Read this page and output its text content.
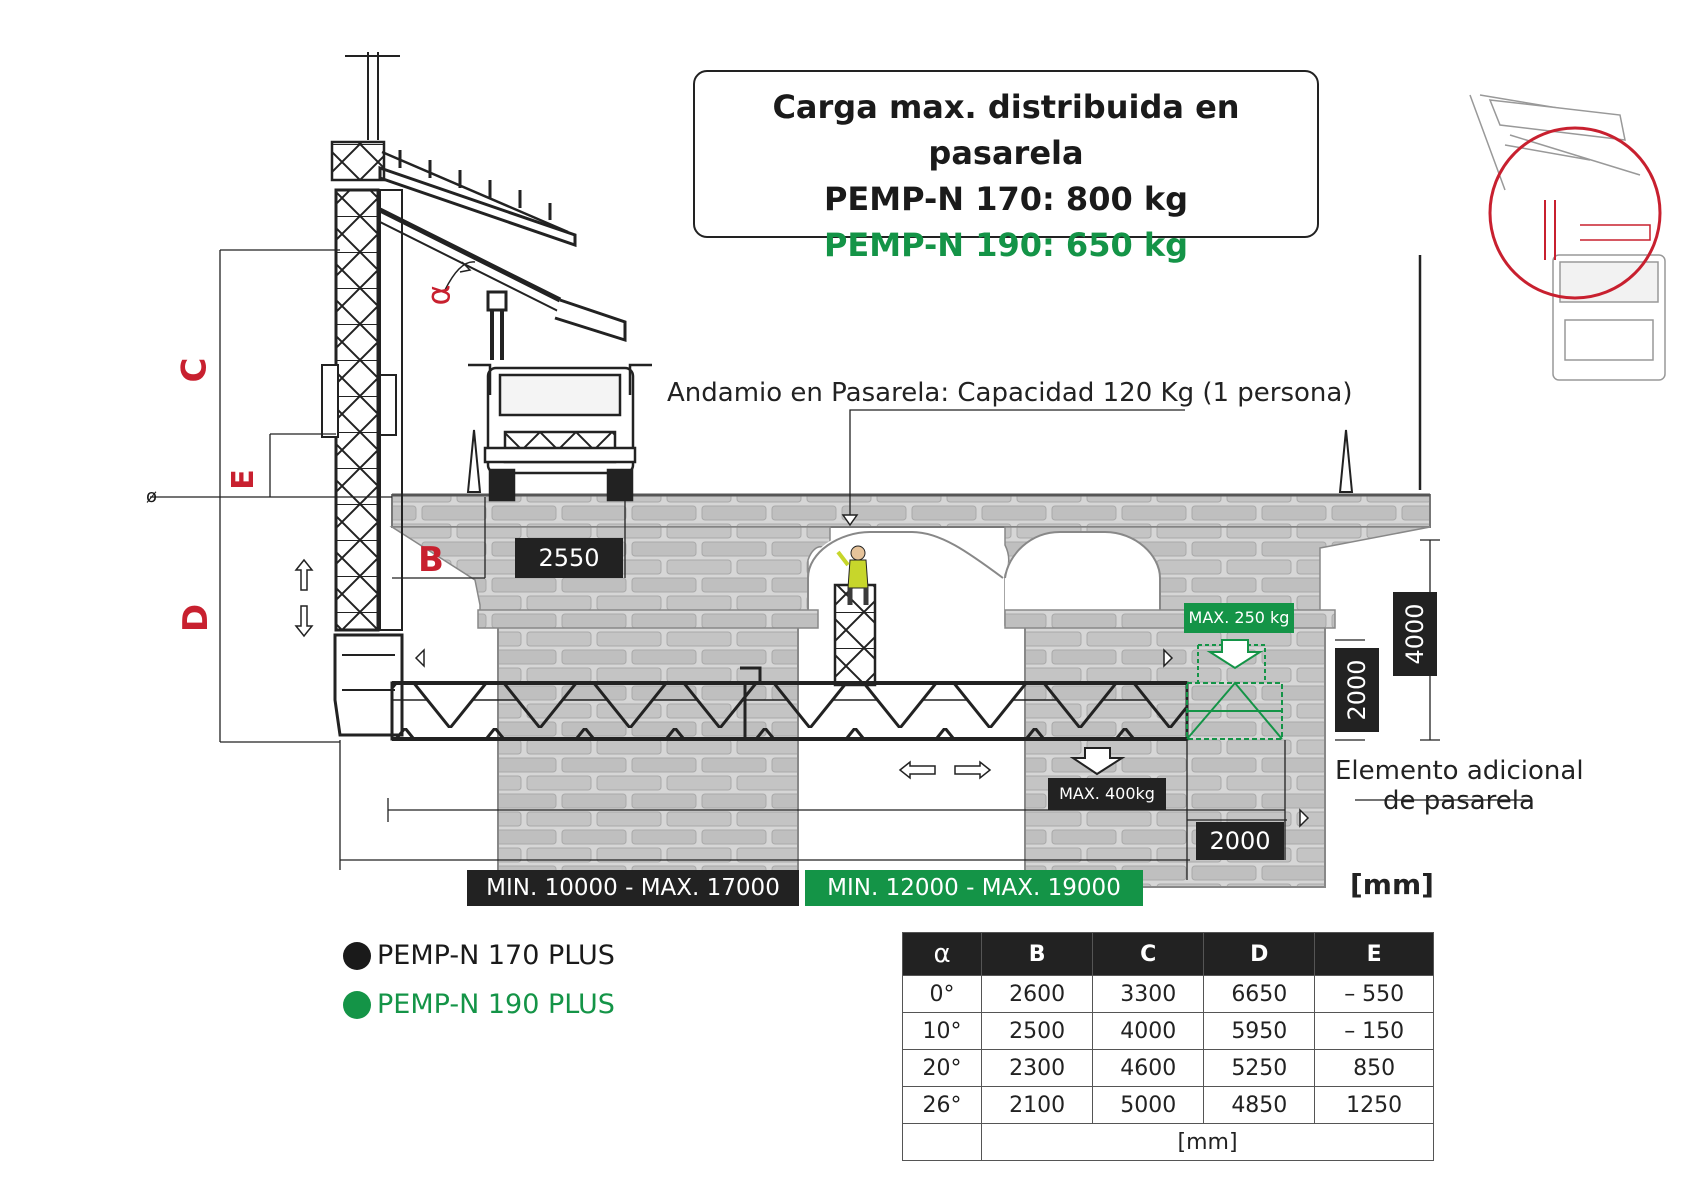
Carga max. distribuida en pasarela
PEMP-N 170: 800 kg
PEMP-N 190: 650 kg
Andamio en Pasarela: Capacidad 120 Kg (1 persona)
Elemento adicional
de pasarela
[mm]
C
E
D
B
α
ø
2550
4000
2000
2000
MIN. 10000 - MAX. 17000	MIN. 12000 - MAX. 19000
MAX. 250 kg
MAX. 400kg
PEMP-N 170 PLUS
PEMP-N 190 PLUS
α	B	C	D	E
0°	2600	3300	6650	– 550
10°	2500	4000	5950	– 150
20°	2300	4600	5250	850
26°	2100	5000	4850	1250
	[mm]			
